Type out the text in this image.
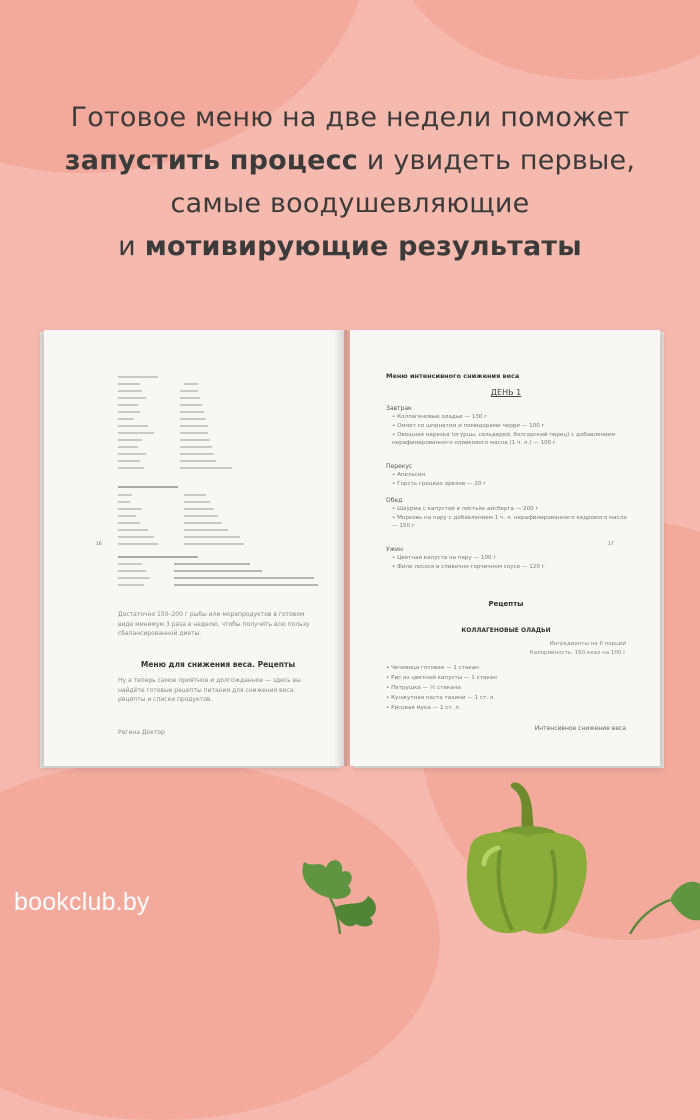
Готовое меню на две недели поможет
запустить процесс и увидеть первые,
самые воодушевляющие
и мотивирующие результаты
16
Достаточно 150–200 г рыбы или морепродуктов в готовом виде минимум 3 раза в неделю, чтобы получить всю пользу сбалансированной диеты.
Меню для снижения веса. Рецепты
Ну а теперь самое приятное и долгожданное — здесь вы найдёте готовые рецепты питания для снижения веса: рецепты и списки продуктов.
Регина Доктор
Меню интенсивного снижения веса
ДЕНЬ 1
Завтрак
• Коллагеновые оладьи — 130 г
• Омлет со шпинатом и помидорами черри — 100 г
• Овощная нарезка (огурцы, сельдерей, болгарский перец) с добавлением нерафинированного оливкового масла (1 ч. л.) — 100 г
Перекус
• Апельсин
• Горсть грецких орехов — 20 г
Обед
• Шаурма с капустой в листьях айсберга — 200 г
• Морковь на пару с добавлением 1 ч. л. нерафинированного кедрового масла — 150 г
Ужин
• Цветная капуста на пару — 100 г
• Филе лосося в сливочно-горчичном соусе — 120 г
Рецепты
КОЛЛАГЕНОВЫЕ ОЛАДЬИ
Ингредиенты на 6 порций
Калорийность: 160 ккал на 100 г
• Чечевица готовая — 1 стакан
• Рис из цветной капусты — 1 стакан
• Петрушка — ½ стакана
• Кунжутная паста тахини — 1 ст. л.
• Рисовая мука — 1 ст. л.
17
Интенсивное снижение веса
bookclub.by
